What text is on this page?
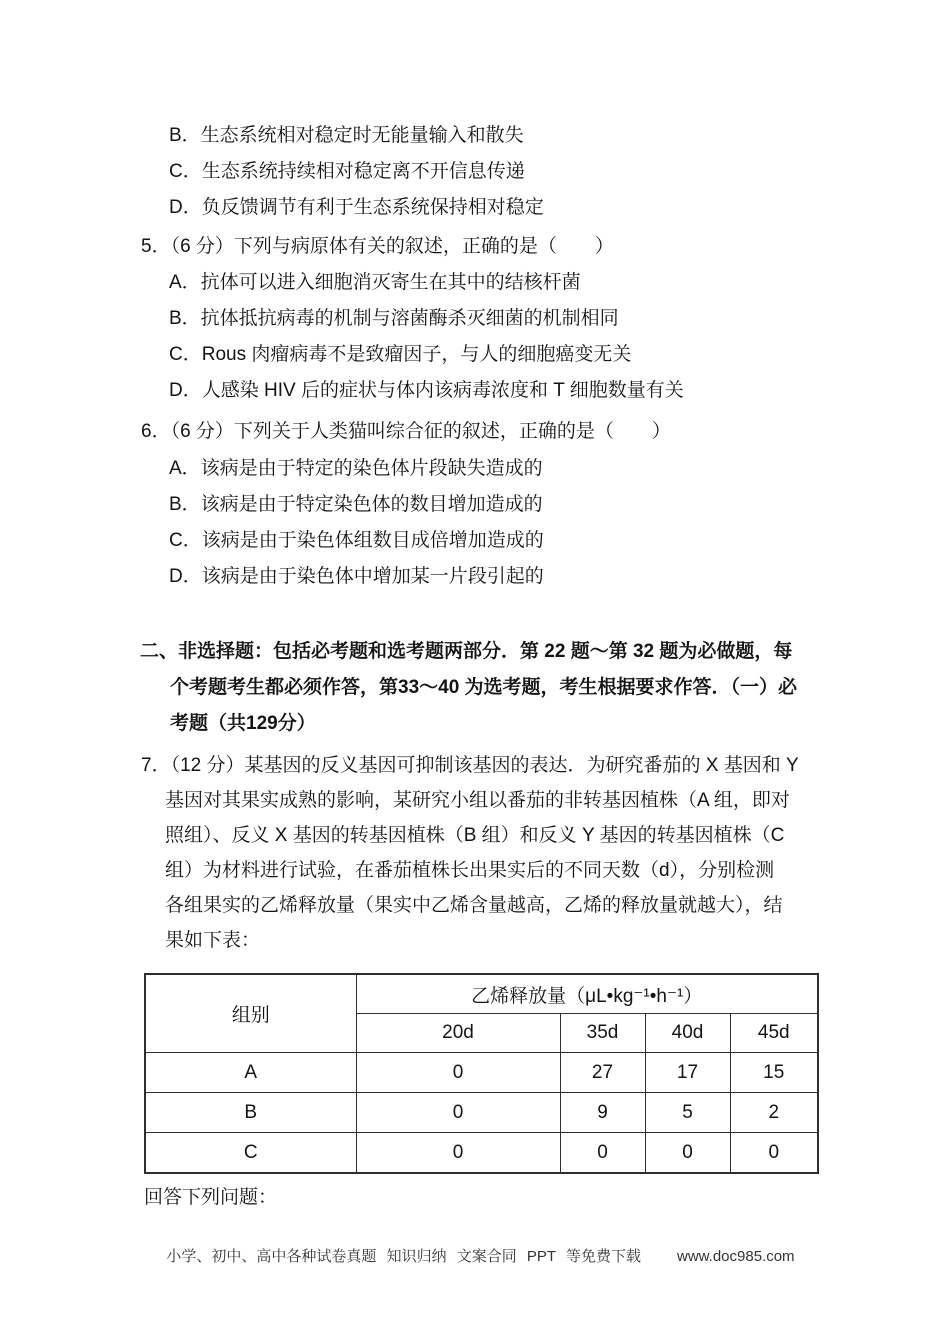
B．生态系统相对稳定时无能量输入和散失
C．生态系统持续相对稳定离不开信息传递
D．负反馈调节有利于生态系统保持相对稳定
5．（6 分）下列与病原体有关的叙述，正确的是（　　）
A．抗体可以进入细胞消灭寄生在其中的结核杆菌
B．抗体抵抗病毒的机制与溶菌酶杀灭细菌的机制相同
C．Rous 肉瘤病毒不是致瘤因子，与人的细胞癌变无关
D．人感染 HIV 后的症状与体内该病毒浓度和 T 细胞数量有关
6．（6 分）下列关于人类猫叫综合征的叙述，正确的是（　　）
A．该病是由于特定的染色体片段缺失造成的
B．该病是由于特定染色体的数目增加造成的
C．该病是由于染色体组数目成倍增加造成的
D．该病是由于染色体中增加某一片段引起的
二、非选择题：包括必考题和选考题两部分．第 22 题～第 32 题为必做题，每
个考题考生都必须作答，第33～40 为选考题，考生根据要求作答．（一）必
考题（共129分）
7．（12 分）某基因的反义基因可抑制该基因的表达．为研究番茄的 X 基因和 Y
基因对其果实成熟的影响，某研究小组以番茄的非转基因植株（A 组，即对
照组）、反义 X 基因的转基因植株（B 组）和反义 Y 基因的转基因植株（C
组）为材料进行试验，在番茄植株长出果实后的不同天数（d），分别检测
各组果实的乙烯释放量（果实中乙烯含量越高，乙烯的释放量就越大），结
果如下表：
组别	乙烯释放量（μL•kg⁻¹•h⁻¹）			
	20d	35d	40d	45d
A	0	27	17	15
B	0	9	5	2
C	0	0	0	0
回答下列问题：
小学、初中、高中各种试卷真题 知识归纳 文案合同 PPT 等免费下载 www.doc985.com
